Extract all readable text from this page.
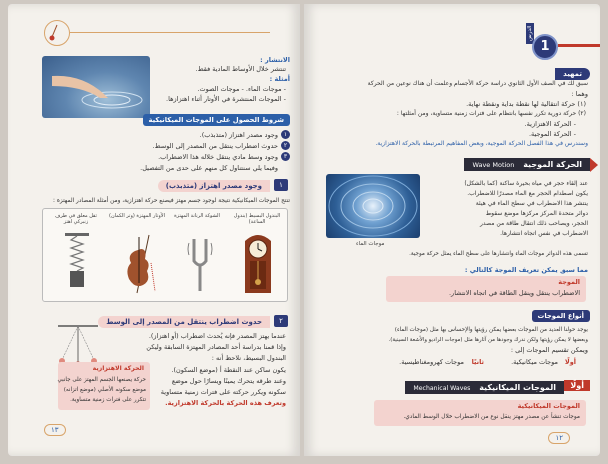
الانتشار :
تنتشر خلال الأوساط المادية فقط.
أمثلة :
- موجات الماء. - موجات الصوت.
- الموجات المنتشرة في الأوتار أثناء اهتزازها.
شروط الحصول على الموجات الميكانيكية
وجود مصدر اهتزاز (متذبذب). ١
حدوث اضطراب ينتقل من المصدر إلى الوسط. ٢
وجود وسط مادي ينتقل خلاله هذا الاضطراب. ٣
وفيما يلي سنتناول كل منهم على حدى من التفصيل.
وجود مصدر اهتزاز (متذبذب)	١
تنتج الموجات الميكانيكية نتيجة لوجود جسم مهتز فيصنع حركة اهتزازية، ومن أمثلة المصادر المهتزة :
البندول البسيط (بندول الساعة)
الشوكة الرنانة المهتزة
الأوتار المهتزة (وتر الكمان)
ثقل معلق في طرف زنبركي اهتز
حدوث اضطراب ينتقل من المصدر إلى الوسط	٢
عندما يهتز المصدر فإنه يُحدث اضطراب (أو اهتزاز).
وإذا قمنا بدراسة أحد المصادر المهتزة السابقة وليكن
البندول البسيط، نلاحظ أنه :
يكون ساكن عند النقطة أ (موضع السكون).
وعند طرقه يتحرك يمينًا ويسارًا حول موضع
سكونه ويكرر حركته على فترات زمنية متساوية
وتعرف هذه الحركة بالحركة الاهتزازية.
الحركة الاهتزازية
حركة يصنعها الجسم المهتز على جانبي
موضع سكونه الأصلي (موضع اتزانه)
تتكرر على فترات زمنية متساوية.
١٣
الدرس
1
تمهيد
سبق لك في الصف الأول الثانوي دراسة حركة الأجسام وعلمت أن هناك نوعين من الحركة
وهما :
(١) حركة انتقالية لها نقطة بداية ونقطة نهاية.
(٢) حركة دورية تكرر نفسها بانتظام على فترات زمنية متساوية، ومن أمثلتها :
- الحركة الاهتزازية.
- الحركة الموجية.
وسندرس في هذا الفصل الحركة الموجية، وبعض المفاهيم المرتبطة بالحركة الاهتزازية.
الحركة الموجية Wave Motion
موجات الماء
عند إلقاء حجر في مياه بحيرة ساكنة (كما بالشكل)
يكون اصطدام الحجر مع الماء مصدرًا للاضطراب.
ينتشر هذا الاضطراب في سطح الماء في هيئة
دوائر متحدة المركز مركزها موضع سقوط
الحجر، ويصاحب ذلك انتقال طاقة من مصدر
الاضطراب في نفس اتجاه انتشارها.
تسمى هذه الدوائر موجات الماء وانتشارها على سطح الماء يمثل حركة موجية.
مما سبق يمكن تعريف الموجة كالتالي :
الموجة
الاضطراب ينتقل وينقل الطاقة في اتجاه الانتشار.
أنواع الموجات
يوجد حولنا العديد من الموجات بعضها يمكن رؤيتها والإحساس بها مثل (موجات الماء)
وبعضها لا يمكن رؤيتها ولكن ندرك وجودها من آثارها مثل (موجات الراديو والأشعة السينية).
ويمكن تقسيم الموجات إلى :
أولًا
موجات ميكانيكية.
ثانيًا
موجات كهرومغناطيسية.
أولًا
الموجات الميكانيكية Mechanical Waves
الموجات الميكانيكية
موجات تنشأ عن مصدر مهتز ينقل نوع من الاضطراب خلال الوسط المادي.
١٢
